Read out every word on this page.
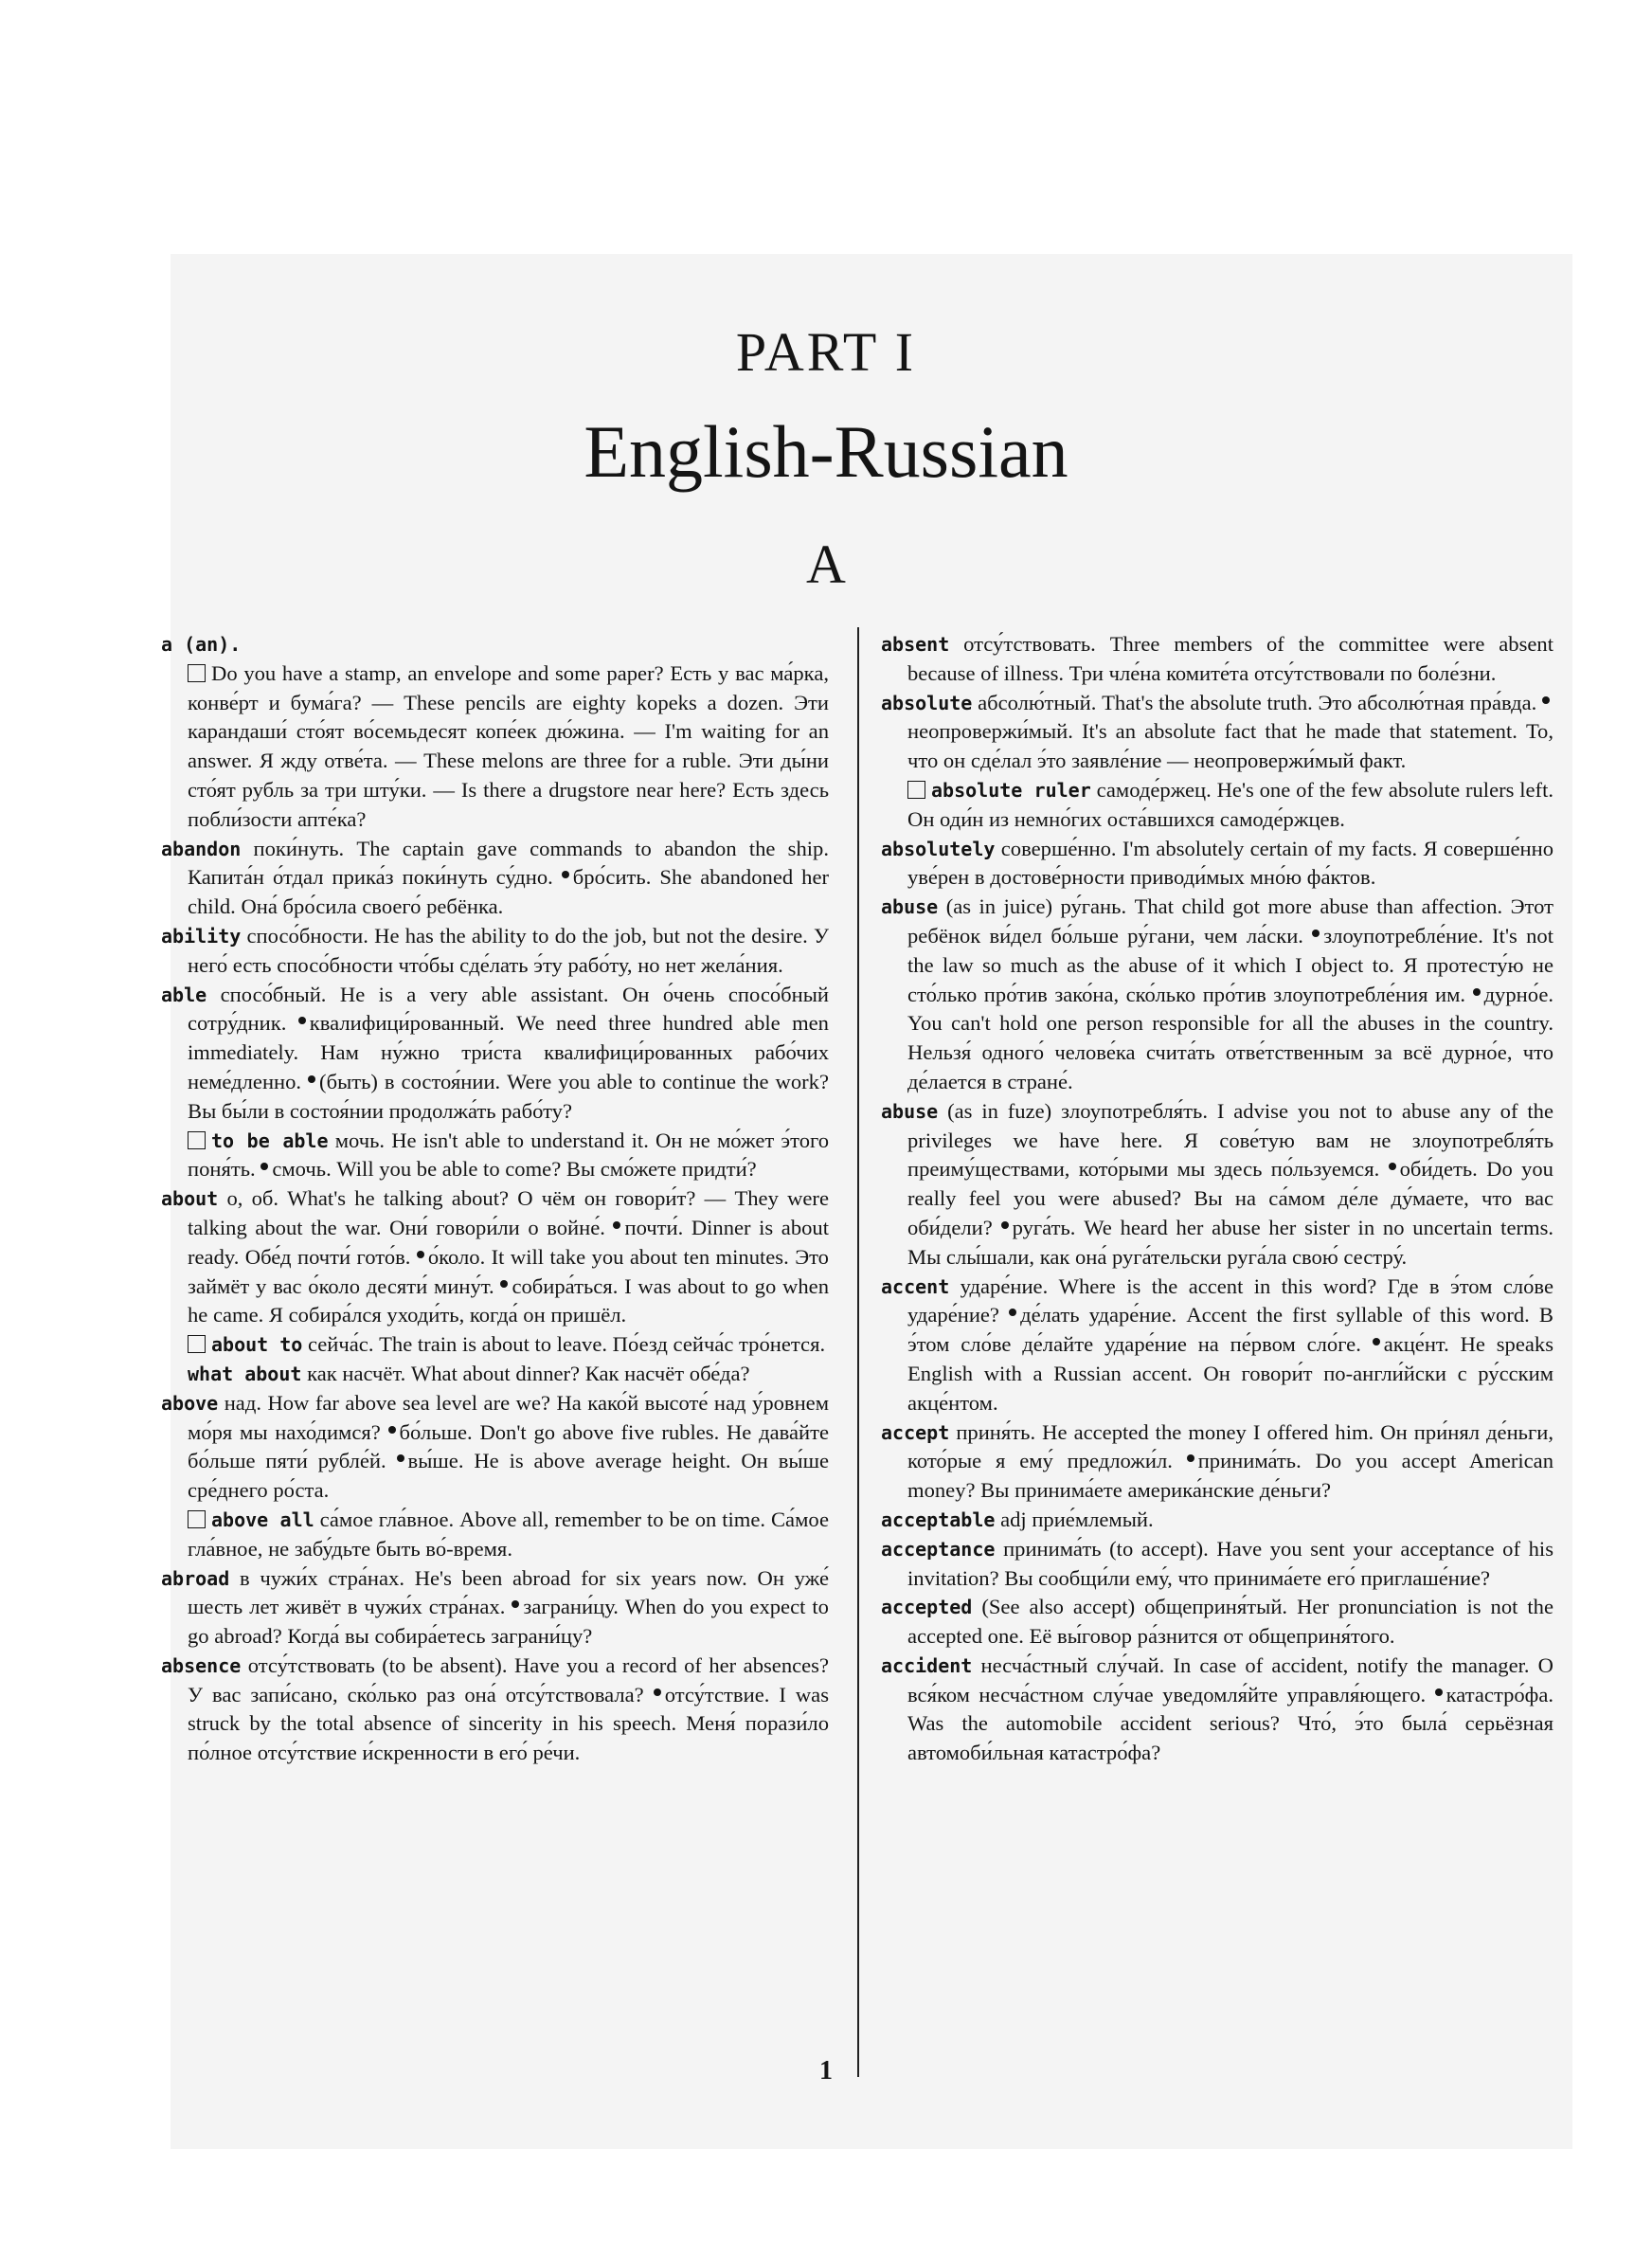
PART I
English-Russian
A

a (an).

Do you have a stamp, an envelope and some paper? Есть у вас ма́рка, конве́рт и бума́га? — These pencils are eighty kopeks a dozen. Эти карандаши́ сто́ят во́семьдесят копе́ек дю́жина. — I'm waiting for an answer. Я жду отве́та. — These melons are three for a ruble. Эти ды́ни сто́ят рубль за три шту́ки. — Is there a drugstore near here? Есть здесь побли́зости апте́ка?

abandon поки́нуть. The captain gave commands to abandon the ship. Капита́н о́тдал прика́з поки́нуть су́дно. бро́сить. She abandoned her child. Она́ бро́сила своего́ ребёнка.

ability спосо́бности. He has the ability to do the job, but not the desire. У него́ есть спосо́бности что́бы сде́лать э́ту рабо́ту, но нет жела́ния.

able спосо́бный. He is a very able assistant. Он о́чень спосо́бный сотру́дник. квалифици́рованный. We need three hundred able men immediately. Нам ну́жно три́ста квалифици́рованных рабо́чих неме́дленно. (быть) в состоя́нии. Were you able to continue the work? Вы бы́ли в состоя́нии продолжа́ть рабо́ту?

to be able мочь. He isn't able to understand it. Он не мо́жет э́того поня́ть. смочь. Will you be able to come? Вы смо́жете придти́?

about о, об. What's he talking about? О чём он говори́т? — They were talking about the war. Они́ говори́ли о войне́. почти́. Dinner is about ready. Обе́д почти́ гото́в. о́коло. It will take you about ten minutes. Это займёт у вас о́коло десяти́ мину́т. собира́ться. I was about to go when he came. Я собира́лся уходи́ть, когда́ он пришёл.

about to сейча́с. The train is about to leave. По́езд сейча́с тро́нется.

what about как насчёт. What about dinner? Как насчёт обе́да?

above над. How far above sea level are we? На како́й высоте́ над у́ровнем мо́ря мы нахо́димся? бо́льше. Don't go above five rubles. Не дава́йте бо́льше пяти́ рубле́й. вы́ше. He is above average height. Он вы́ше сре́днего ро́ста.

above all са́мое гла́вное. Above all, remember to be on time. Са́мое гла́вное, не забу́дьте быть во́-время.

abroad в чужи́х стра́нах. He's been abroad for six years now. Он уже́ шесть лет живёт в чужи́х стра́нах. заграни́цу. When do you expect to go abroad? Когда́ вы собира́етесь заграни́цу?

absence отсу́тствовать (to be absent). Have you a record of her absences? У вас запи́сано, ско́лько раз она́ отсу́тствовала? отсу́тствие. I was struck by the total absence of sincerity in his speech. Меня́ порази́ло по́лное отсу́тствие и́скренности в его́ ре́чи.

absent отсу́тствовать. Three members of the committee were absent because of illness. Три чле́на комите́та отсу́тствовали по боле́зни.

absolute абсолю́тный. That's the absolute truth. Это абсолю́тная пра́вда. неопровержи́мый. It's an absolute fact that he made that statement. То, что он сде́лал э́то заявле́ние — неопровержи́мый факт.

absolute ruler самоде́ржец. He's one of the few absolute rulers left. Он оди́н из немно́гих оста́вшихся самоде́ржцев.

absolutely соверше́нно. I'm absolutely certain of my facts. Я соверше́нно уве́рен в достове́рности приводи́мых мно́ю фа́ктов.

abuse (as in juice) ру́гань. That child got more abuse than affection. Этот ребёнок ви́дел бо́льше ру́гани, чем ла́ски. злоупотребле́ние. It's not the law so much as the abuse of it which I object to. Я протесту́ю не сто́лько про́тив зако́на, ско́лько про́тив злоупотребле́ния им. дурно́е. You can't hold one person responsible for all the abuses in the country. Нельзя́ одного́ челове́ка счита́ть отве́тственным за всё дурно́е, что де́лается в стране́.

abuse (as in fuze) злоупотребля́ть. I advise you not to abuse any of the privileges we have here. Я сове́тую вам не злоупотребля́ть преиму́ществами, кото́рыми мы здесь по́льзуемся. оби́деть. Do you really feel you were abused? Вы на са́мом де́ле ду́маете, что вас оби́дели? руга́ть. We heard her abuse her sister in no uncertain terms. Мы слы́шали, как она́ руга́тельски руга́ла свою́ сестру́.

accent ударе́ние. Where is the accent in this word? Где в э́том сло́ве ударе́ние? де́лать ударе́ние. Accent the first syllable of this word. В э́том сло́ве де́лайте ударе́ние на пе́рвом сло́ге. акце́нт. He speaks English with a Russian accent. Он говори́т по-англи́йски с ру́сским акце́нтом.

accept приня́ть. He accepted the money I offered him. Он при́нял де́ньги, кото́рые я ему́ предложи́л. принима́ть. Do you accept American money? Вы принима́ете америка́нские де́ньги?

acceptable adj прие́млемый.

acceptance принима́ть (to accept). Have you sent your acceptance of his invitation? Вы сообщи́ли ему́, что принима́ете его́ приглаше́ние?

accepted (See also accept) общеприня́тый. Her pronunciation is not the accepted one. Её вы́говор ра́знится от общеприня́того.

accident несча́стный слу́чай. In case of accident, notify the manager. О вся́ком несча́стном слу́чае уведомля́йте управля́ющего. катастро́фа. Was the automobile accident serious? Что́, э́то была́ серьёзная автомоби́льная катастро́фа?

1
